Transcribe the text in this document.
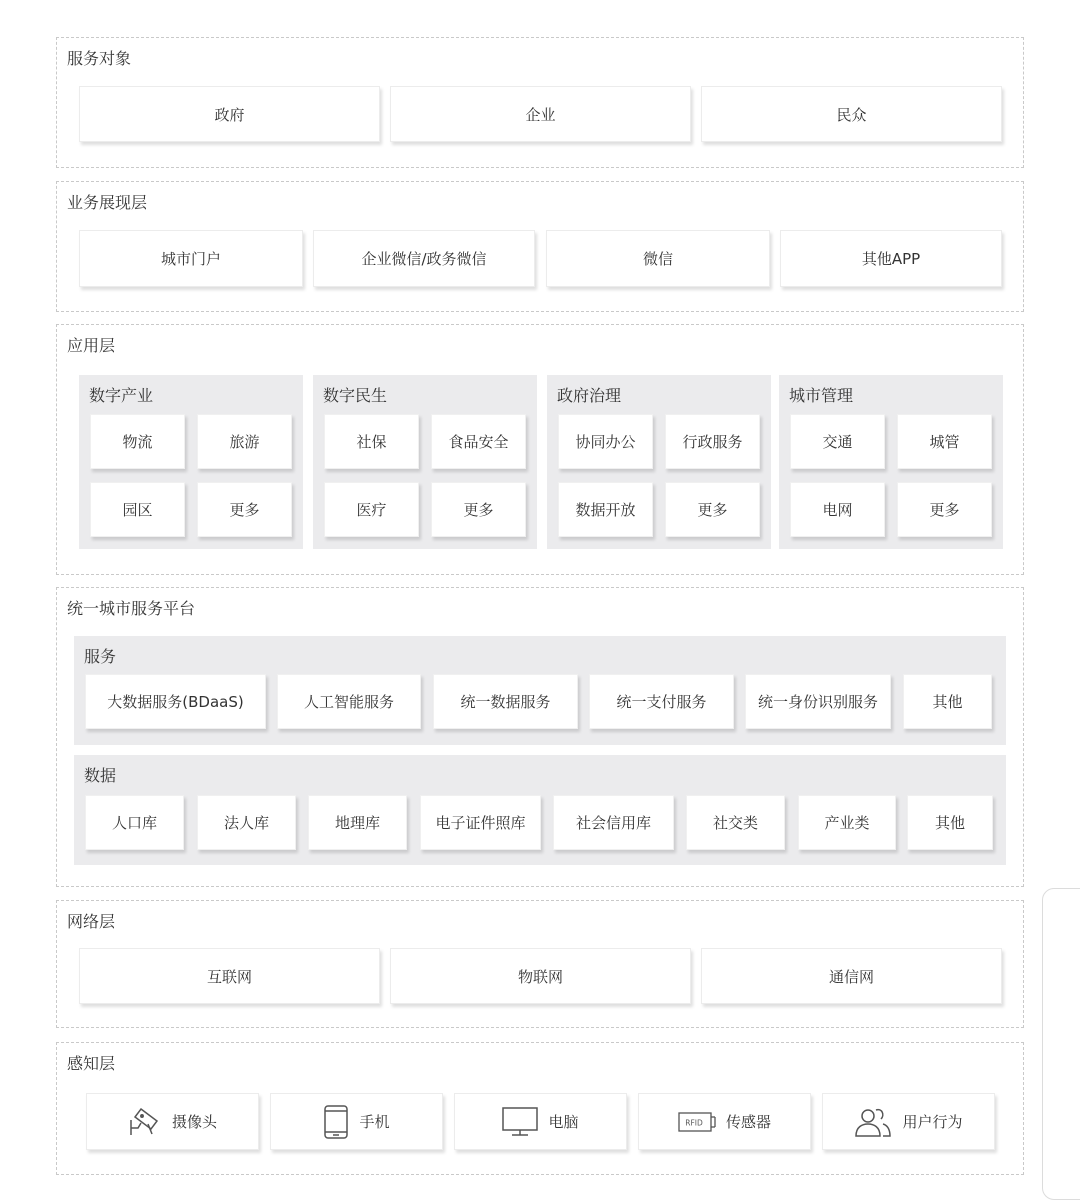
服务对象
政府	企业	民众
业务展现层
城市门户	企业微信/政务微信	微信	其他APP
应用层
数字产业
物流	旅游
园区	更多
数字民生
社保	食品安全
医疗	更多
政府治理
协同办公	行政服务
数据开放	更多
城市管理
交通	城管
电网	更多
统一城市服务平台
服务
大数据服务(BDaaS)	人工智能服务	统一数据服务	统一支付服务	统一身份识别服务	其他
数据
人口库	法人库	地理库	电子证件照库	社会信用库	社交类	产业类	其他
网络层
互联网	物联网	通信网
感知层
摄像头	手机	电脑	RFID 传感器	用户行为
